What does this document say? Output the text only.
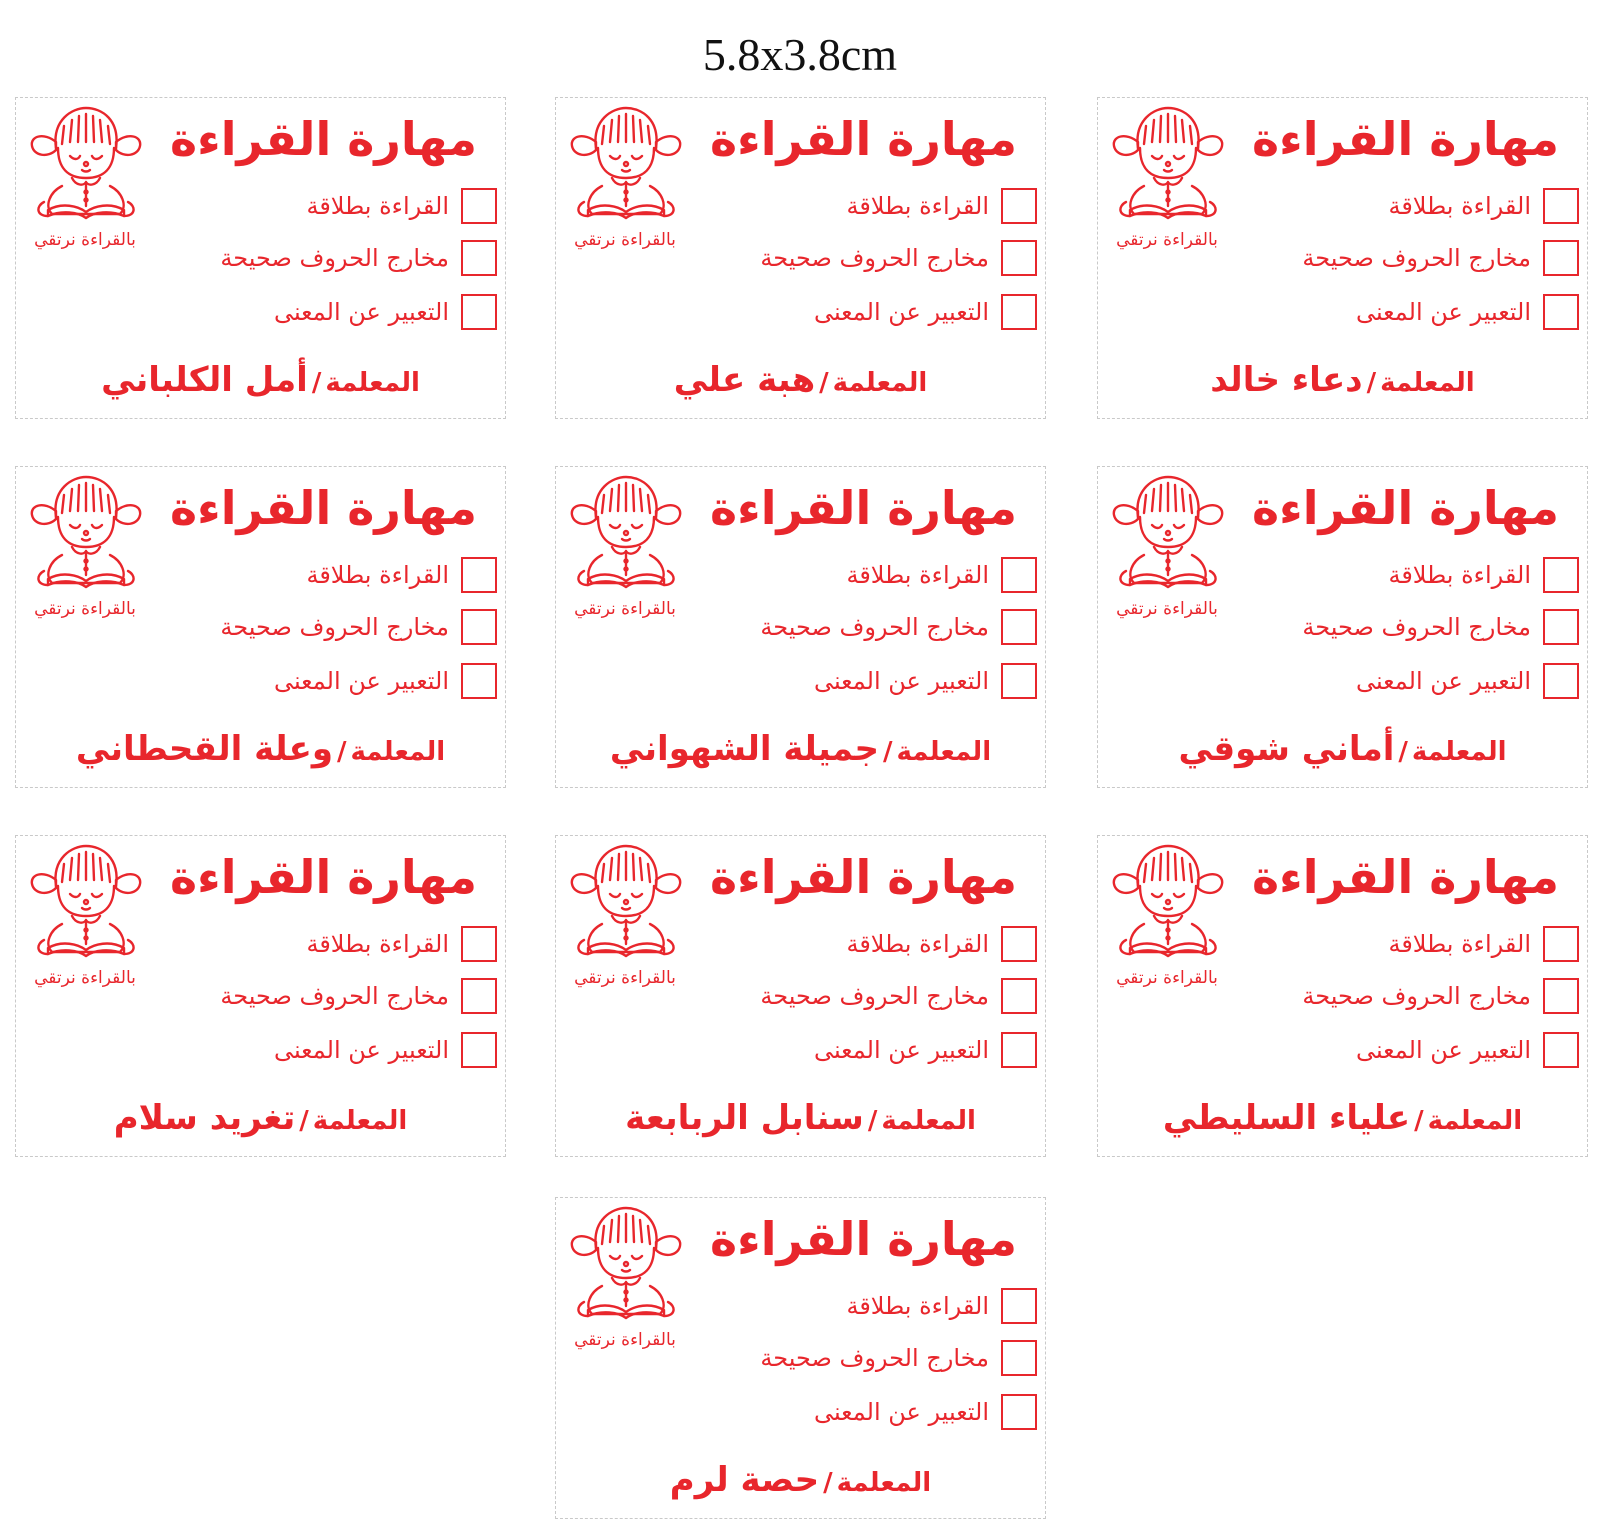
5.8x3.8cm
بالقراءة نرتقي
مهارة القراءة
القراءة بطلاقة
مخارج الحروف صحيحة
التعبير عن المعنى
المعلمة
/
دعاء خالد
بالقراءة نرتقي
مهارة القراءة
القراءة بطلاقة
مخارج الحروف صحيحة
التعبير عن المعنى
المعلمة
/
هبة علي
بالقراءة نرتقي
مهارة القراءة
القراءة بطلاقة
مخارج الحروف صحيحة
التعبير عن المعنى
المعلمة
/
أمل الكلباني
بالقراءة نرتقي
مهارة القراءة
القراءة بطلاقة
مخارج الحروف صحيحة
التعبير عن المعنى
المعلمة
/
أماني شوقي
بالقراءة نرتقي
مهارة القراءة
القراءة بطلاقة
مخارج الحروف صحيحة
التعبير عن المعنى
المعلمة
/
جميلة الشهواني
بالقراءة نرتقي
مهارة القراءة
القراءة بطلاقة
مخارج الحروف صحيحة
التعبير عن المعنى
المعلمة
/
وعلة القحطاني
بالقراءة نرتقي
مهارة القراءة
القراءة بطلاقة
مخارج الحروف صحيحة
التعبير عن المعنى
المعلمة
/
علياء السليطي
بالقراءة نرتقي
مهارة القراءة
القراءة بطلاقة
مخارج الحروف صحيحة
التعبير عن المعنى
المعلمة
/
سنابل الربابعة
بالقراءة نرتقي
مهارة القراءة
القراءة بطلاقة
مخارج الحروف صحيحة
التعبير عن المعنى
المعلمة
/
تغريد سلام
بالقراءة نرتقي
مهارة القراءة
القراءة بطلاقة
مخارج الحروف صحيحة
التعبير عن المعنى
المعلمة
/
حصة لرم
